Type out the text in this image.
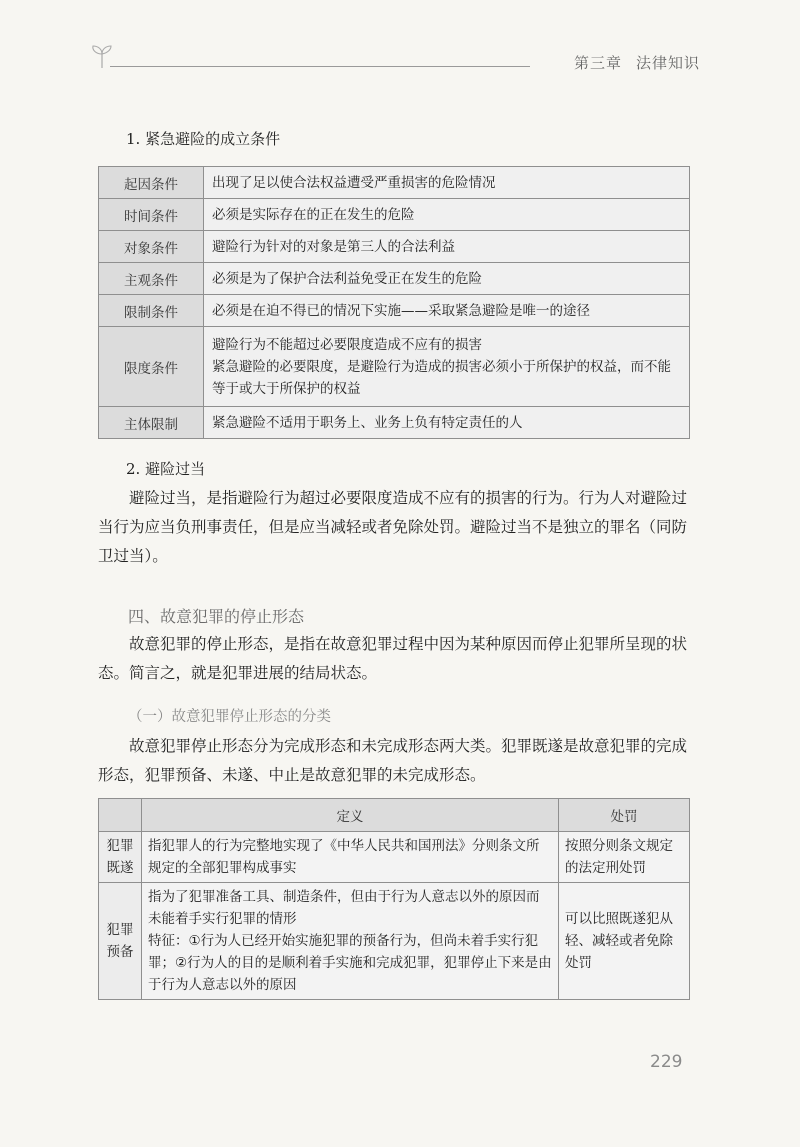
第三章 法律知识
1. 紧急避险的成立条件
起因条件	出现了足以使合法权益遭受严重损害的危险情况

时间条件	必须是实际存在的正在发生的危险

对象条件	避险行为针对的对象是第三人的合法利益

主观条件	必须是为了保护合法利益免受正在发生的危险

限制条件	必须是在迫不得已的情况下实施——采取紧急避险是唯一的途径

限度条件	避险行为不能超过必要限度造成不应有的损害
紧急避险的必要限度，是避险行为造成的损害必须小于所保护的权益，而不能等于或大于所保护的权益

主体限制	紧急避险不适用于职务上、业务上负有特定责任的人
2. 避险过当

避险过当，是指避险行为超过必要限度造成不应有的损害的行为。行为人对避险过当行为应当负刑事责任，但是应当减轻或者免除处罚。避险过当不是独立的罪名（同防卫过当）。

四、故意犯罪的停止形态

故意犯罪的停止形态，是指在故意犯罪过程中因为某种原因而停止犯罪所呈现的状态。简言之，就是犯罪进展的结局状态。

（一）故意犯罪停止形态的分类

故意犯罪停止形态分为完成形态和未完成形态两大类。犯罪既遂是故意犯罪的完成形态，犯罪预备、未遂、中止是故意犯罪的未完成形态。

	定义	处罚
犯罪既遂	指犯罪人的行为完整地实现了《中华人民共和国刑法》分则条文所规定的全部犯罪构成事实	按照分则条文规定的法定刑处罚
犯罪预备	指为了犯罪准备工具、制造条件，但由于行为人意志以外的原因而未能着手实行犯罪的情形
特征：①行为人已经开始实施犯罪的预备行为，但尚未着手实行犯罪；②行为人的目的是顺利着手实施和完成犯罪，犯罪停止下来是由于行为人意志以外的原因	可以比照既遂犯从轻、减轻或者免除处罚
229
